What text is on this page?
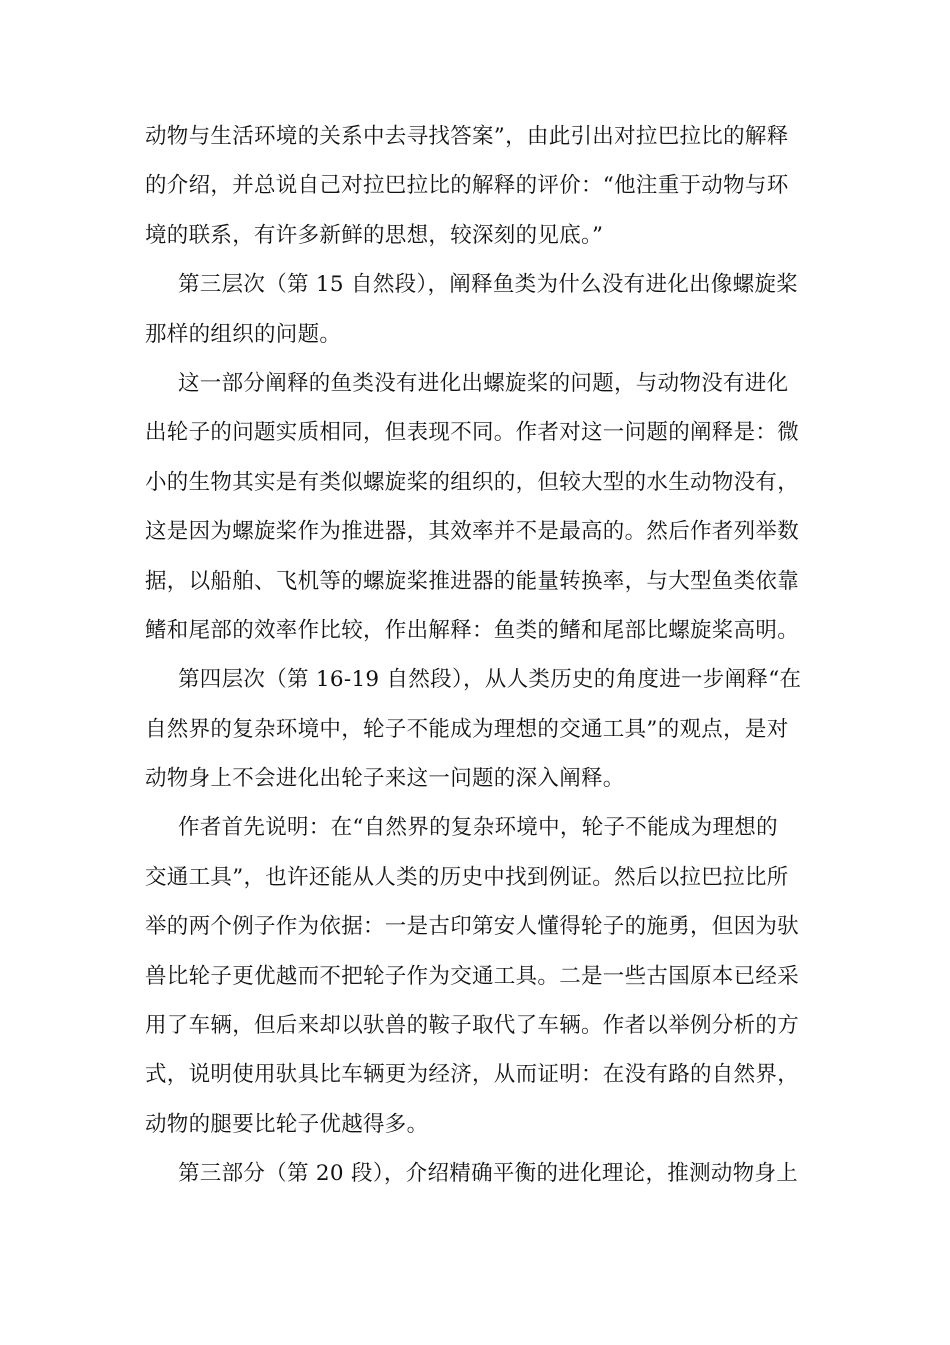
动物与生活环境的关系中去寻找答案”，由此引出对拉巴拉比的解释
的介绍，并总说自己对拉巴拉比的解释的评价：“他注重于动物与环
境的联系，有许多新鲜的思想，较深刻的见底。”
第三层次（第 15 自然段），阐释鱼类为什么没有进化出像螺旋桨
那样的组织的问题。
这一部分阐释的鱼类没有进化出螺旋桨的问题，与动物没有进化
出轮子的问题实质相同，但表现不同。作者对这一问题的阐释是：微
小的生物其实是有类似螺旋桨的组织的，但较大型的水生动物没有，
这是因为螺旋桨作为推进器，其效率并不是最高的。然后作者列举数
据，以船舶、飞机等的螺旋桨推进器的能量转换率，与大型鱼类依靠
鳍和尾部的效率作比较，作出解释：鱼类的鳍和尾部比螺旋桨高明。
第四层次（第 16-19 自然段），从人类历史的角度进一步阐释“在
自然界的复杂环境中，轮子不能成为理想的交通工具”的观点，是对
动物身上不会进化出轮子来这一问题的深入阐释。
作者首先说明：在“自然界的复杂环境中，轮子不能成为理想的
交通工具”，也许还能从人类的历史中找到例证。然后以拉巴拉比所
举的两个例子作为依据：一是古印第安人懂得轮子的施勇，但因为驮
兽比轮子更优越而不把轮子作为交通工具。二是一些古国原本已经采
用了车辆，但后来却以驮兽的鞍子取代了车辆。作者以举例分析的方
式，说明使用驮具比车辆更为经济，从而证明：在没有路的自然界，
动物的腿要比轮子优越得多。
第三部分（第 20 段），介绍精确平衡的进化理论，推测动物身上
